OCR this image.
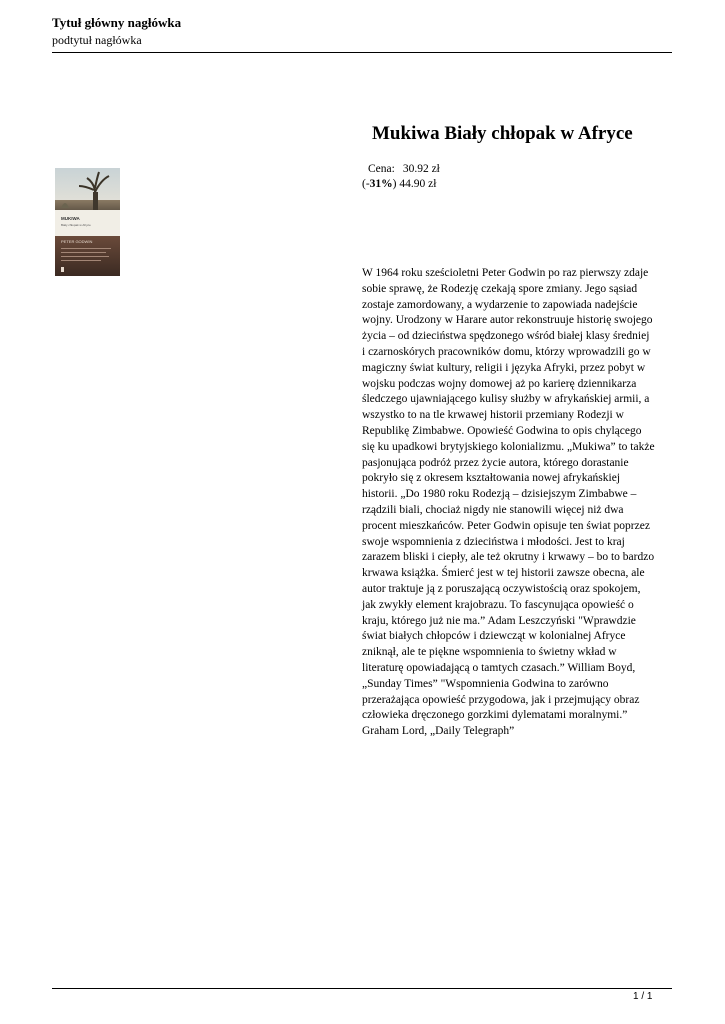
Tytuł główny nagłówka
podtytuł nagłówka
MUKIWA
Biały chłopak w Afryce
PETER GODWIN
Mukiwa Biały chłopak w Afryce
Cena: 30.92 zł
(-31%) 44.90 zł
W 1964 roku sześcioletni Peter Godwin po raz pierwszy zdaje
sobie sprawę, że Rodezję czekają spore zmiany. Jego sąsiad
zostaje zamordowany, a wydarzenie to zapowiada nadejście
wojny. Urodzony w Harare autor rekonstruuje historię swojego
życia – od dzieciństwa spędzonego wśród białej klasy średniej
i czarnoskórych pracowników domu, którzy wprowadzili go w
magiczny świat kultury, religii i języka Afryki, przez pobyt w
wojsku podczas wojny domowej aż po karierę dziennikarza
śledczego ujawniającego kulisy służby w afrykańskiej armii, a
wszystko to na tle krwawej historii przemiany Rodezji w
Republikę Zimbabwe. Opowieść Godwina to opis chylącego
się ku upadkowi brytyjskiego kolonializmu. „Mukiwa” to także
pasjonująca podróż przez życie autora, którego dorastanie
pokryło się z okresem kształtowania nowej afrykańskiej
historii. „Do 1980 roku Rodezją – dzisiejszym Zimbabwe –
rządzili biali, chociaż nigdy nie stanowili więcej niż dwa
procent mieszkańców. Peter Godwin opisuje ten świat poprzez
swoje wspomnienia z dzieciństwa i młodości. Jest to kraj
zarazem bliski i ciepły, ale też okrutny i krwawy – bo to bardzo
krwawa książka. Śmierć jest w tej historii zawsze obecna, ale
autor traktuje ją z poruszającą oczywistością oraz spokojem,
jak zwykły element krajobrazu. To fascynująca opowieść o
kraju, którego już nie ma.” Adam Leszczyński "Wprawdzie
świat białych chłopców i dziewcząt w kolonialnej Afryce
zniknął, ale te piękne wspomnienia to świetny wkład w
literaturę opowiadającą o tamtych czasach.” William Boyd,
„Sunday Times” "Wspomnienia Godwina to zarówno
przerażająca opowieść przygodowa, jak i przejmujący obraz
człowieka dręczonego gorzkimi dylematami moralnymi.”
Graham Lord, „Daily Telegraph”
1 / 1
